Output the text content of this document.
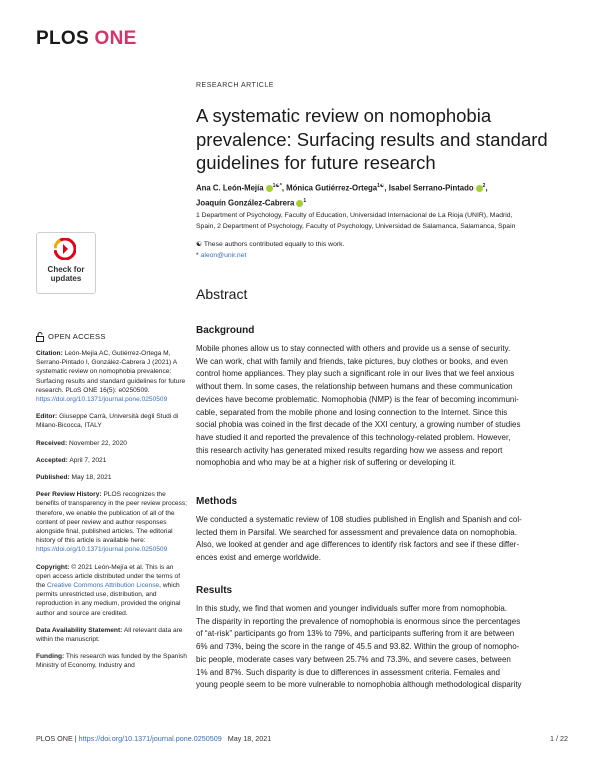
PLOS ONE
Check for
updates
OPEN ACCESS

Citation: León-Mejía AC, Gutiérrez-Ortega M, Serrano-Pintado I, González-Cabrera J (2021) A systematic review on nomophobia prevalence: Surfacing results and standard guidelines for future research. PLoS ONE 16(5): e0250509. https://doi.org/10.1371/journal.pone.0250509

Editor: Giuseppe Carrà, Università degli Studi di Milano-Bicocca, ITALY

Received: November 22, 2020

Accepted: April 7, 2021

Published: May 18, 2021

Peer Review History: PLOS recognizes the benefits of transparency in the peer review process; therefore, we enable the publication of all of the content of peer review and author responses alongside final, published articles. The editorial history of this article is available here: https://doi.org/10.1371/journal.pone.0250509

Copyright: © 2021 León-Mejía et al. This is an open access article distributed under the terms of the Creative Commons Attribution License, which permits unrestricted use, distribution, and reproduction in any medium, provided the original author and source are credited.

Data Availability Statement: All relevant data are within the manuscript.

Funding: This research was funded by the Spanish Ministry of Economy, Industry and

RESEARCH ARTICLE
A systematic review on nomophobia
prevalence: Surfacing results and standard
guidelines for future research
Ana C. León-Mejía $^{1☯*}$, Mónica Gutiérrez-Ortega$^{1☯}$, Isabel Serrano-Pintado $^2$,
Joaquín González-Cabrera $^1$
1 Department of Psychology, Faculty of Education, Universidad Internacional de La Rioja (UNIR), Madrid,
Spain, 2 Department of Psychology, Faculty of Psychology, Universidad de Salamanca, Salamanca, Spain
☯ These authors contributed equally to this work.
* aleon@unir.net
Abstract
Background
Mobile phones allow us to stay connected with others and provide us a sense of security.
We can work, chat with family and friends, take pictures, buy clothes or books, and even
control home appliances. They play such a significant role in our lives that we feel anxious
without them. In some cases, the relationship between humans and these communication
devices have become problematic. Nomophobia (NMP) is the fear of becoming incommuni-
cable, separated from the mobile phone and losing connection to the Internet. Since this
social phobia was coined in the first decade of the XXI century, a growing number of studies
have studied it and reported the prevalence of this technology-related problem. However,
this research activity has generated mixed results regarding how we assess and report
nomophobia and who may be at a higher risk of suffering or developing it.
Methods
We conducted a systematic review of 108 studies published in English and Spanish and col-
lected them in Parsifal. We searched for assessment and prevalence data on nomophobia.
Also, we looked at gender and age differences to identify risk factors and see if these differ-
ences exist and emerge worldwide.
Results
In this study, we find that women and younger individuals suffer more from nomophobia.
The disparity in reporting the prevalence of nomophobia is enormous since the percentages
of “at-risk” participants go from 13% to 79%, and participants suffering from it are between
6% and 73%, being the score in the range of 45.5 and 93.82. Within the group of nomopho-
bic people, moderate cases vary between 25.7% and 73.3%, and severe cases, between
1% and 87%. Such disparity is due to differences in assessment criteria. Females and
young people seem to be more vulnerable to nomophobia although methodological disparity
PLOS ONE | https://doi.org/10.1371/journal.pone.0250509 May 18, 2021	1 / 22
